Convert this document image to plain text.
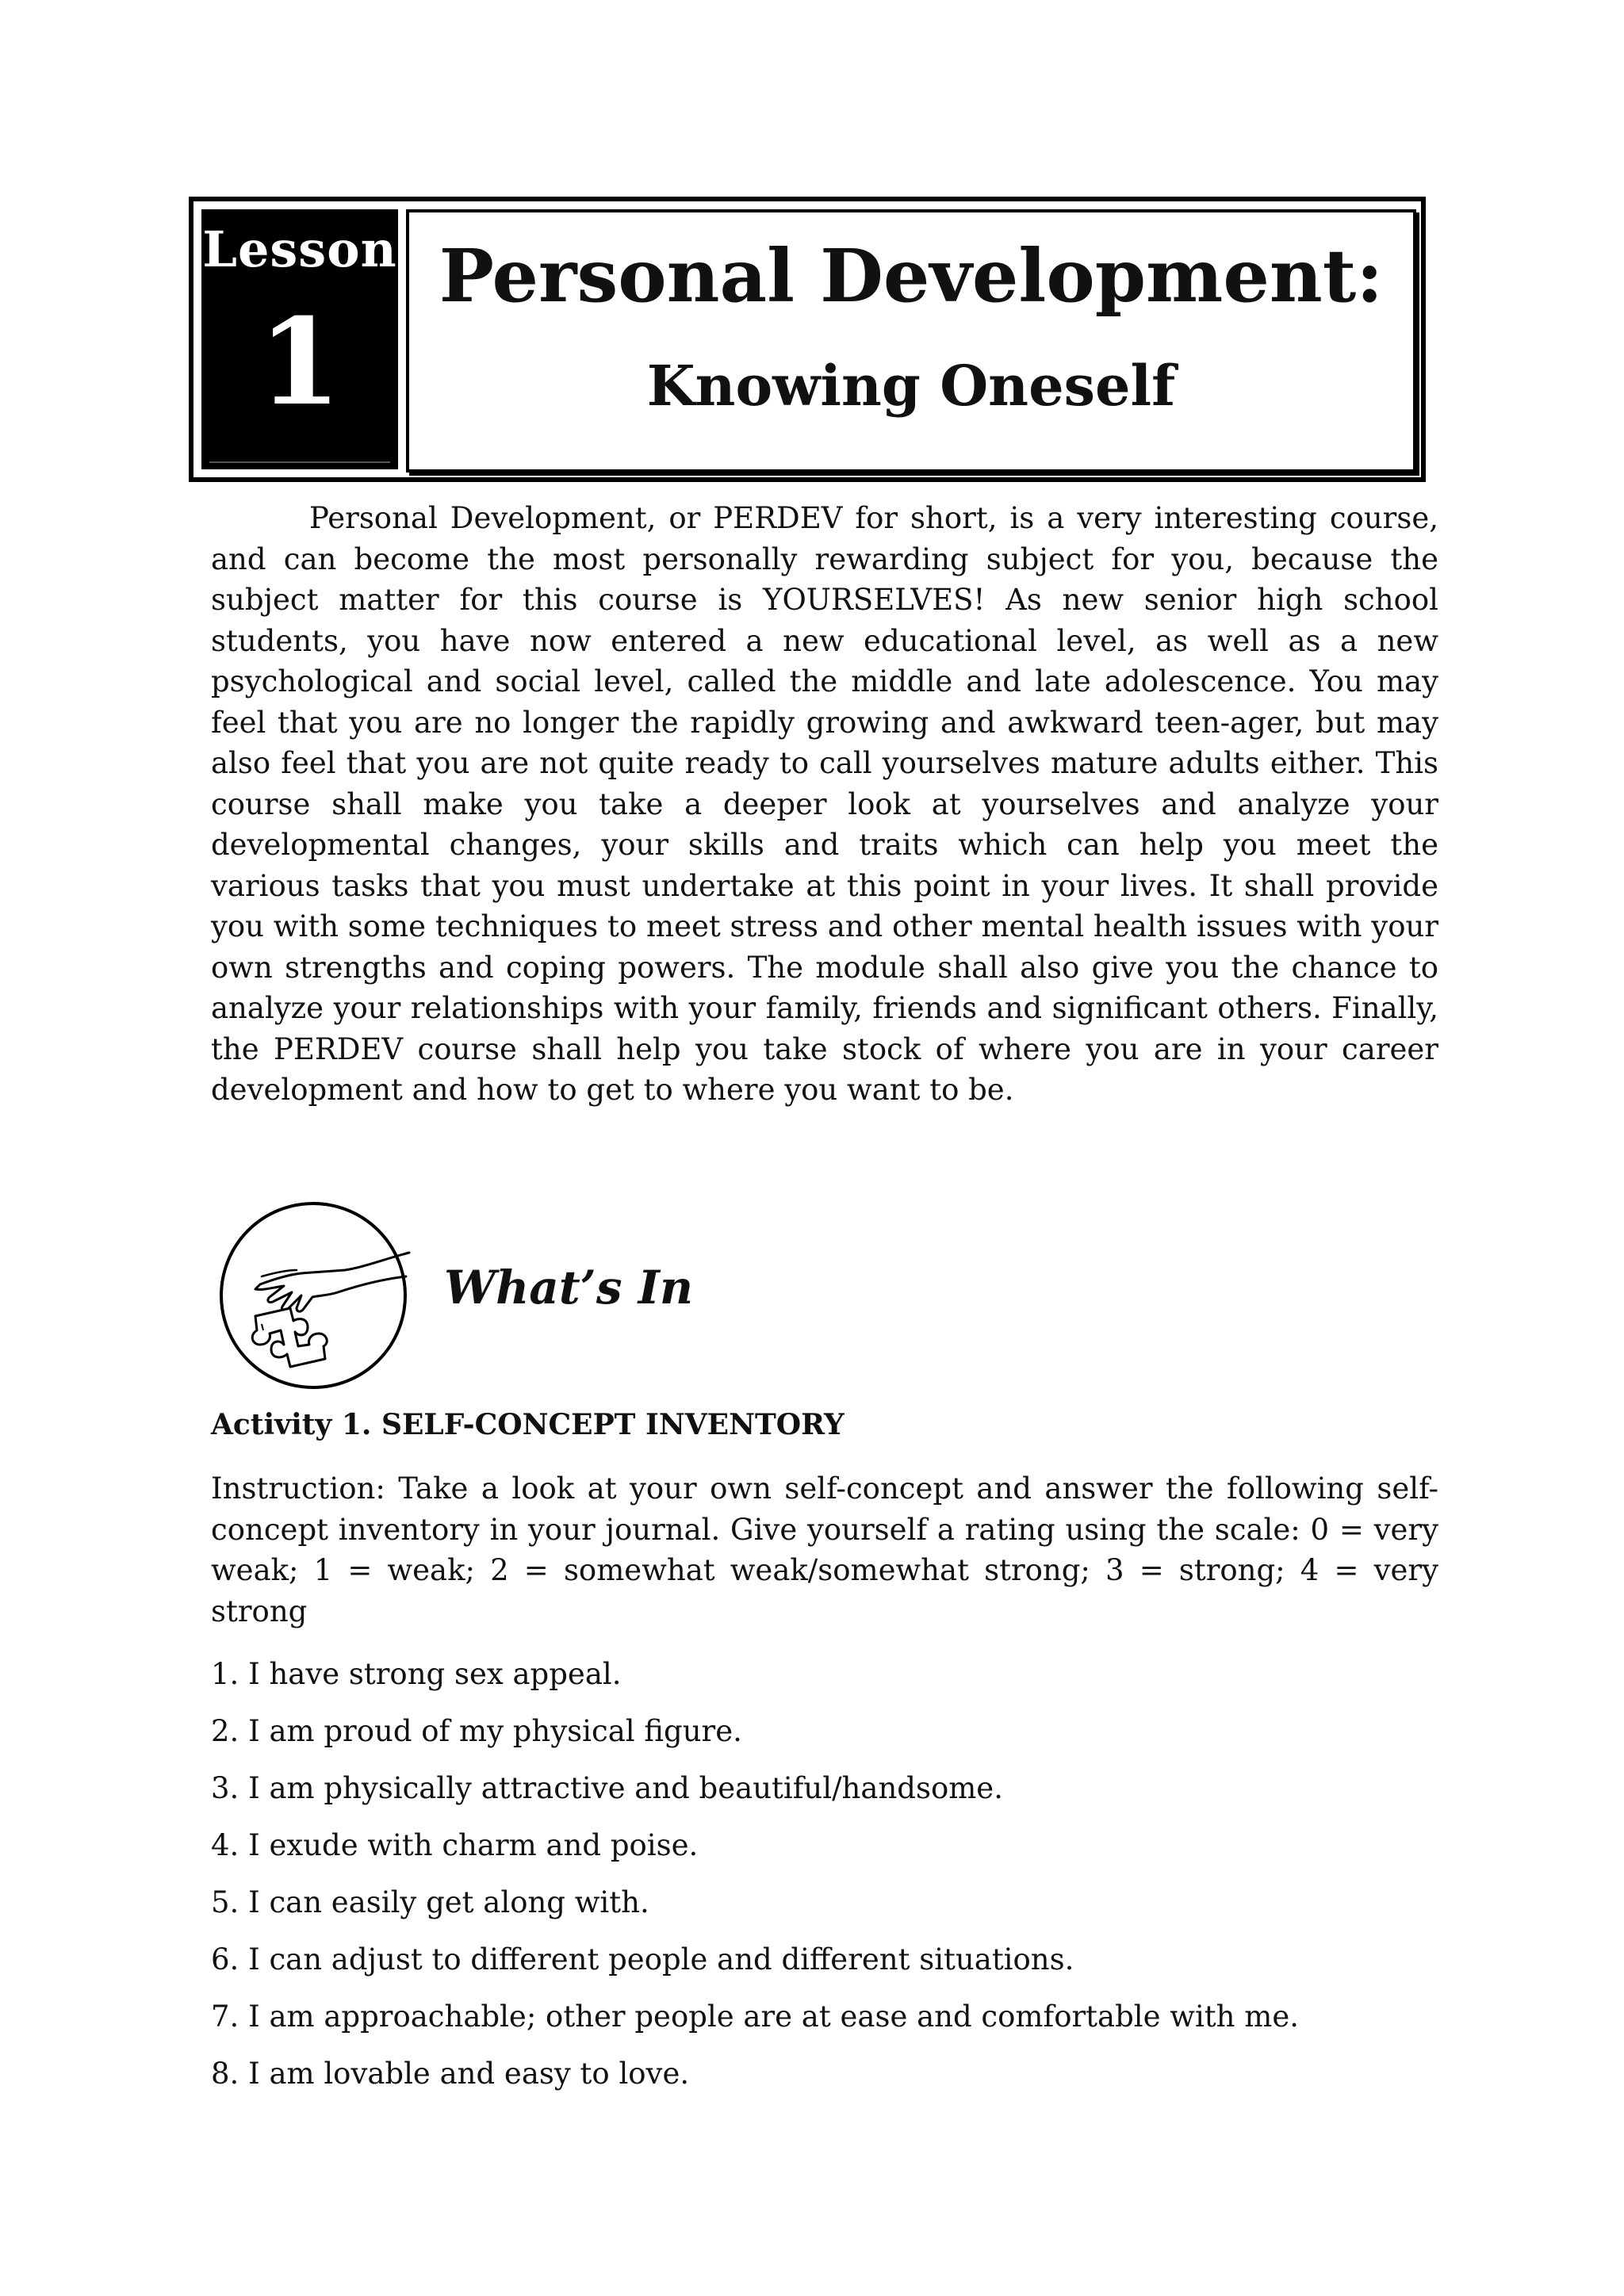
Lesson
1
Personal Development:
Knowing Oneself

Personal Development, or PERDEV for short, is a very interesting course, and can become the most personally rewarding subject for you, because the subject matter for this course is YOURSELVES! As new senior high school students, you have now entered a new educational level, as well as a new psychological and social level, called the middle and late adolescence. You may feel that you are no longer the rapidly growing and awkward teen-ager, but may also feel that you are not quite ready to call yourselves mature adults either. This course shall make you take a deeper look at yourselves and analyze your developmental changes, your skills and traits which can help you meet the various tasks that you must undertake at this point in your lives. It shall provide you with some techniques to meet stress and other mental health issues with your own strengths and coping powers. The module shall also give you the chance to analyze your relationships with your family, friends and significant others. Finally, the PERDEV course shall help you take stock of where you are in your career development and how to get to where you want to be.

What’s In
Activity 1. SELF-CONCEPT INVENTORY

Instruction: Take a look at your own self-concept and answer the following self-concept inventory in your journal. Give yourself a rating using the scale: 0 = very weak; 1 = weak; 2 = somewhat weak/somewhat strong; 3 = strong; 4 = very strong

1. I have strong sex appeal.
2. I am proud of my physical figure.
3. I am physically attractive and beautiful/handsome.
4. I exude with charm and poise.
5. I can easily get along with.
6. I can adjust to different people and different situations.
7. I am approachable; other people are at ease and comfortable with me.
8. I am lovable and easy to love.
